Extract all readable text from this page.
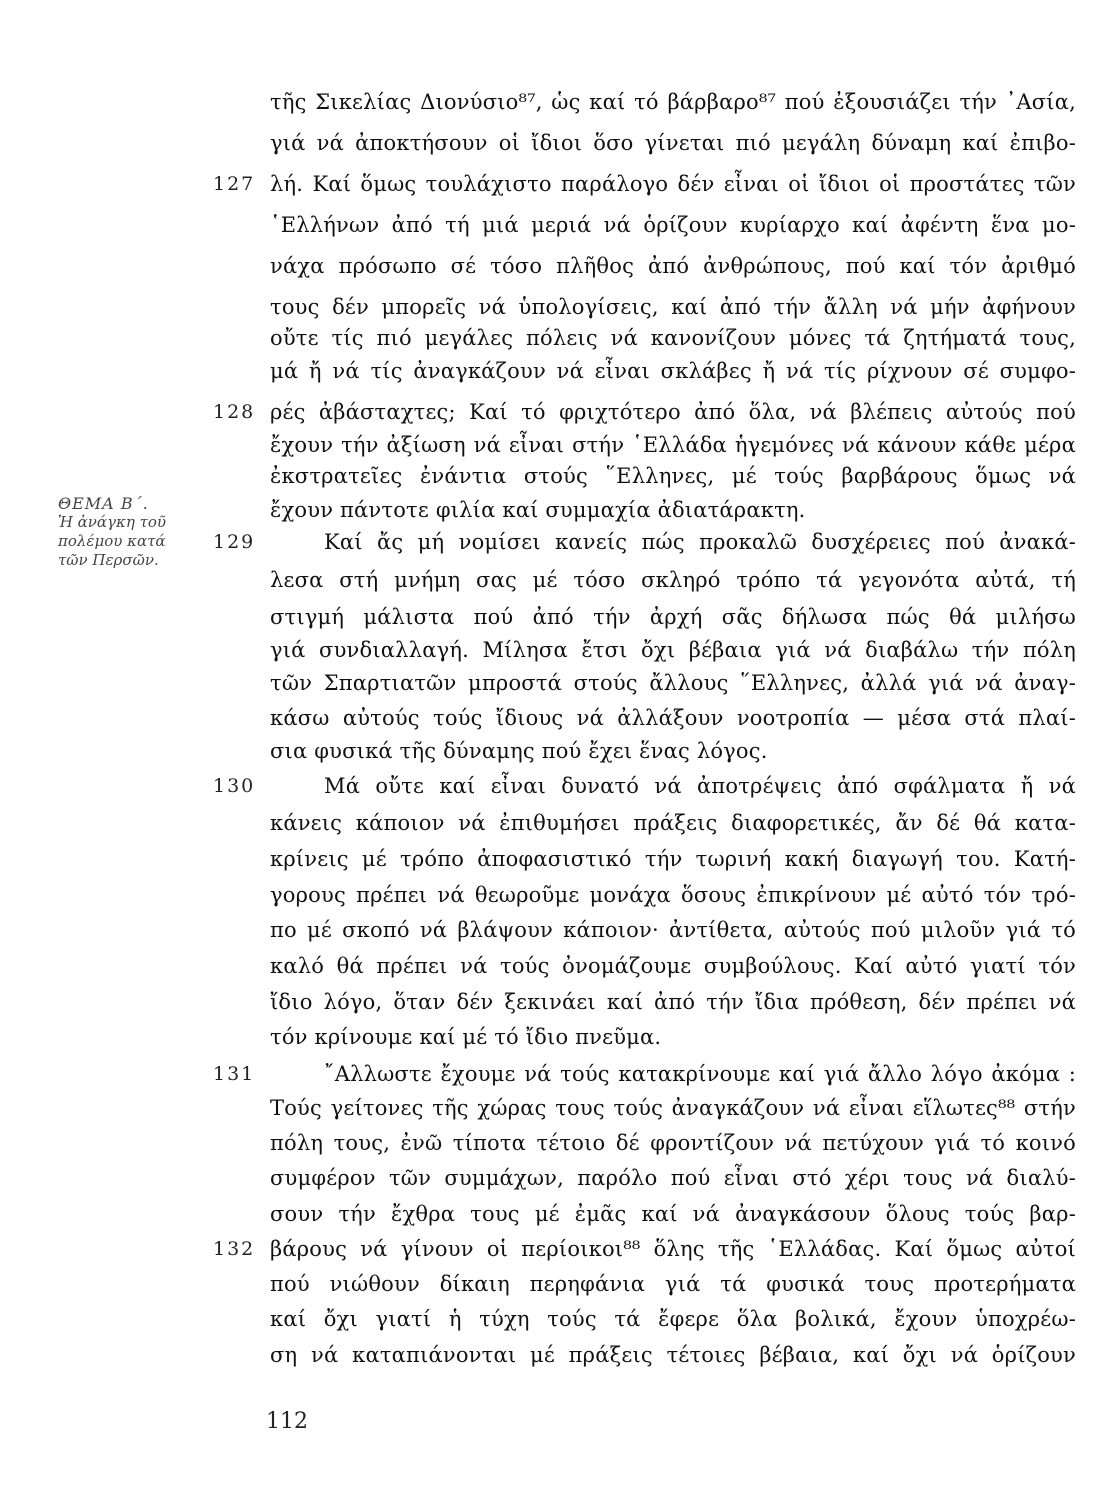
127
128
129
130
131
132
ΘΕΜΑ Β΄.
Ἡ ἀνάγκη τοῦ
πολέμου κατά
τῶν Περσῶν.
τῆς Σικελίας Διονύσιο⁸⁷, ὡς καί τό βάρβαρο⁸⁷ πού ἐξουσιάζει τήν ᾿Ασία,
γιά νά ἀποκτήσουν οἱ ἴδιοι ὅσο γίνεται πιό μεγάλη δύναμη καί ἐπιβο-
λή. Καί ὅμως τουλάχιστο παράλογο δέν εἶναι οἱ ἴδιοι οἱ προστάτες τῶν
῾Ελλήνων ἀπό τή μιά μεριά νά ὁρίζουν κυρίαρχο καί ἀφέντη ἕνα μο-
νάχα πρόσωπο σέ τόσο πλῆθος ἀπό ἀνθρώπους, πού καί τόν ἀριθμό
τους δέν μπορεῖς νά ὑπολογίσεις, καί ἀπό τήν ἄλλη νά μήν ἀφήνουν
οὔτε τίς πιό μεγάλες πόλεις νά κανονίζουν μόνες τά ζητήματά τους,
μά ἤ νά τίς ἀναγκάζουν νά εἶναι σκλάβες ἤ νά τίς ρίχνουν σέ συμφο-
ρές ἀβάσταχτες; Καί τό φριχτότερο ἀπό ὅλα, νά βλέπεις αὐτούς πού
ἔχουν τήν ἀξίωση νά εἶναι στήν ῾Ελλάδα ἡγεμόνες νά κάνουν κάθε μέρα
ἐκστρατεῖες ἐνάντια στούς ῞Ελληνες, μέ τούς βαρβάρους ὅμως νά
ἔχουν πάντοτε φιλία καί συμμαχία ἀδιατάρακτη.
Καί ἄς μή νομίσει κανείς πώς προκαλῶ δυσχέρειες πού ἀνακά-
λεσα στή μνήμη σας μέ τόσο σκληρό τρόπο τά γεγονότα αὐτά, τή
στιγμή μάλιστα πού ἀπό τήν ἀρχή σᾶς δήλωσα πώς θά μιλήσω
γιά συνδιαλλαγή. Μίλησα ἔτσι ὄχι βέβαια γιά νά διαβάλω τήν πόλη
τῶν Σπαρτιατῶν μπροστά στούς ἄλλους ῞Ελληνες, ἀλλά γιά νά ἀναγ-
κάσω αὐτούς τούς ἴδιους νά ἀλλάξουν νοοτροπία — μέσα στά πλαί-
σια φυσικά τῆς δύναμης πού ἔχει ἕνας λόγος.
Μά οὔτε καί εἶναι δυνατό νά ἀποτρέψεις ἀπό σφάλματα ἤ νά
κάνεις κάποιον νά ἐπιθυμήσει πράξεις διαφορετικές, ἄν δέ θά κατα-
κρίνεις μέ τρόπο ἀποφασιστικό τήν τωρινή κακή διαγωγή του. Κατή-
γορους πρέπει νά θεωροῦμε μονάχα ὅσους ἐπικρίνουν μέ αὐτό τόν τρό-
πο μέ σκοπό νά βλάψουν κάποιον· ἀντίθετα, αὐτούς πού μιλοῦν γιά τό
καλό θά πρέπει νά τούς ὀνομάζουμε συμβούλους. Καί αὐτό γιατί τόν
ἴδιο λόγο, ὅταν δέν ξεκινάει καί ἀπό τήν ἴδια πρόθεση, δέν πρέπει νά
τόν κρίνουμε καί μέ τό ἴδιο πνεῦμα.
῎Αλλωστε ἔχουμε νά τούς κατακρίνουμε καί γιά ἄλλο λόγο ἀκόμα :
Τούς γείτονες τῆς χώρας τους τούς ἀναγκάζουν νά εἶναι εἵλωτες⁸⁸ στήν
πόλη τους, ἐνῶ τίποτα τέτοιο δέ φροντίζουν νά πετύχουν γιά τό κοινό
συμφέρον τῶν συμμάχων, παρόλο πού εἶναι στό χέρι τους νά διαλύ-
σουν τήν ἔχθρα τους μέ ἐμᾶς καί νά ἀναγκάσουν ὅλους τούς βαρ-
βάρους νά γίνουν οἱ περίοικοι⁸⁸ ὅλης τῆς ῾Ελλάδας. Καί ὅμως αὐτοί
πού νιώθουν δίκαιη περηφάνια γιά τά φυσικά τους προτερήματα
καί ὄχι γιατί ἡ τύχη τούς τά ἔφερε ὅλα βολικά, ἔχουν ὑποχρέω-
ση νά καταπιάνονται μέ πράξεις τέτοιες βέβαια, καί ὄχι νά ὁρίζουν
112
